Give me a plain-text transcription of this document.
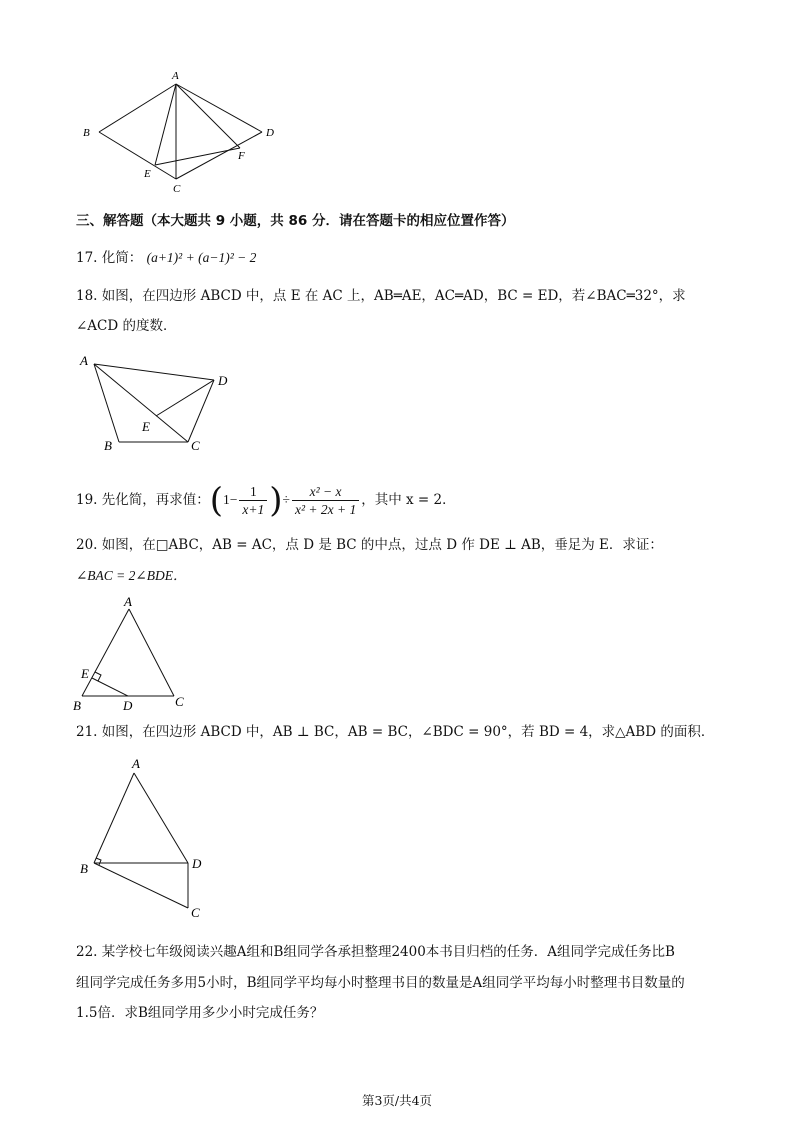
A
B
C
D
E
F
三、解答题（本大题共 9 小题，共 86 分．请在答题卡的相应位置作答）
17. 化简： (a+1)² + (a−1)² − 2
18. 如图，在四边形 ABCD 中，点 E 在 AC 上，AB═AE，AC═AD，BC = ED，若∠BAC═32°，求
∠ACD 的度数．
A
B	C
D
E
19. 先化简，再求值：($1- \frac{1}{x+1}$ )÷ $\frac{\text{x² − x}}{\text{x² + 2x + 1}}$ ，其中 x = 2．
20. 如图，在□ABC，AB = AC，点 D 是 BC 的中点，过点 D 作 DE ⊥ AB，垂足为 E．求证：
∠BAC = 2∠BDE．
A
B	C
D
E
21. 如图，在四边形 ABCD 中，AB ⊥ BC，AB = BC，∠BDC = 90°，若 BD = 4，求△ABD 的面积．
A
B
C
D
22. 某学校七年级阅读兴趣A组和B组同学各承担整理2400本书目归档的任务．A组同学完成任务比B
组同学完成任务多用5小时，B组同学平均每小时整理书目的数量是A组同学平均每小时整理书目数量的
1.5倍．求B组同学用多少小时完成任务？
第3页/共4页
